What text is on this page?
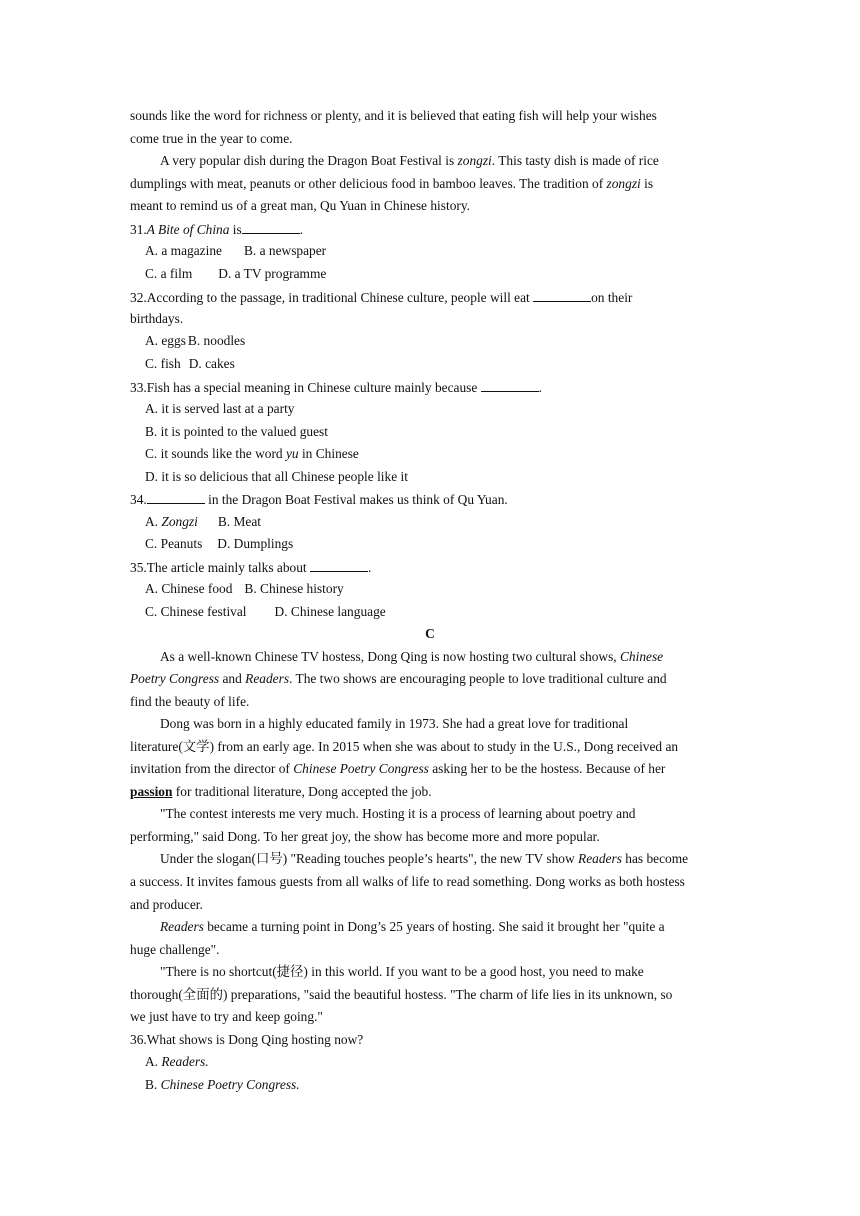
sounds like the word for richness or plenty, and it is believed that eating fish will help your wishes
come true in the year to come.
A very popular dish during the Dragon Boat Festival is zongzi. This tasty dish is made of rice
dumplings with meat, peanuts or other delicious food in bamboo leaves. The tradition of zongzi is
meant to remind us of a great man, Qu Yuan in Chinese history.
31.A Bite of China is	.
A. a magazine B. a newspaper
C. a film D. a TV programme
32.According to the passage, in traditional Chinese culture, people will eat	on their
birthdays.
A. eggs B. noodles
C. fish D. cakes
33.Fish has a special meaning in Chinese culture mainly because	.
A. it is served last at a party
B. it is pointed to the valued guest
C. it sounds like the word yu in Chinese
D. it is so delicious that all Chinese people like it
34.	in the Dragon Boat Festival makes us think of Qu Yuan.
A. Zongzi B. Meat
C. Peanuts D. Dumplings
35.The article mainly talks about	.
A. Chinese food B. Chinese history
C. Chinese festival D. Chinese language
C
As a well-known Chinese TV hostess, Dong Qing is now hosting two cultural shows, Chinese
Poetry Congress and Readers. The two shows are encouraging people to love traditional culture and
find the beauty of life.
Dong was born in a highly educated family in 1973. She had a great love for traditional
literature(文学) from an early age. In 2015 when she was about to study in the U.S., Dong received an
invitation from the director of Chinese Poetry Congress asking her to be the hostess. Because of her
passion for traditional literature, Dong accepted the job.
"The contest interests me very much. Hosting it is a process of learning about poetry and
performing," said Dong. To her great joy, the show has become more and more popular.
Under the slogan(口号) "Reading touches people’s hearts", the new TV show Readers has become
a success. It invites famous guests from all walks of life to read something. Dong works as both hostess
and producer.
Readers became a turning point in Dong’s 25 years of hosting. She said it brought her "quite a
huge challenge".
"There is no shortcut(捷径) in this world. If you want to be a good host, you need to make
thorough(全面的) preparations, "said the beautiful hostess. "The charm of life lies in its unknown, so
we just have to try and keep going."
36.What shows is Dong Qing hosting now?
A. Readers.
B. Chinese Poetry Congress.
